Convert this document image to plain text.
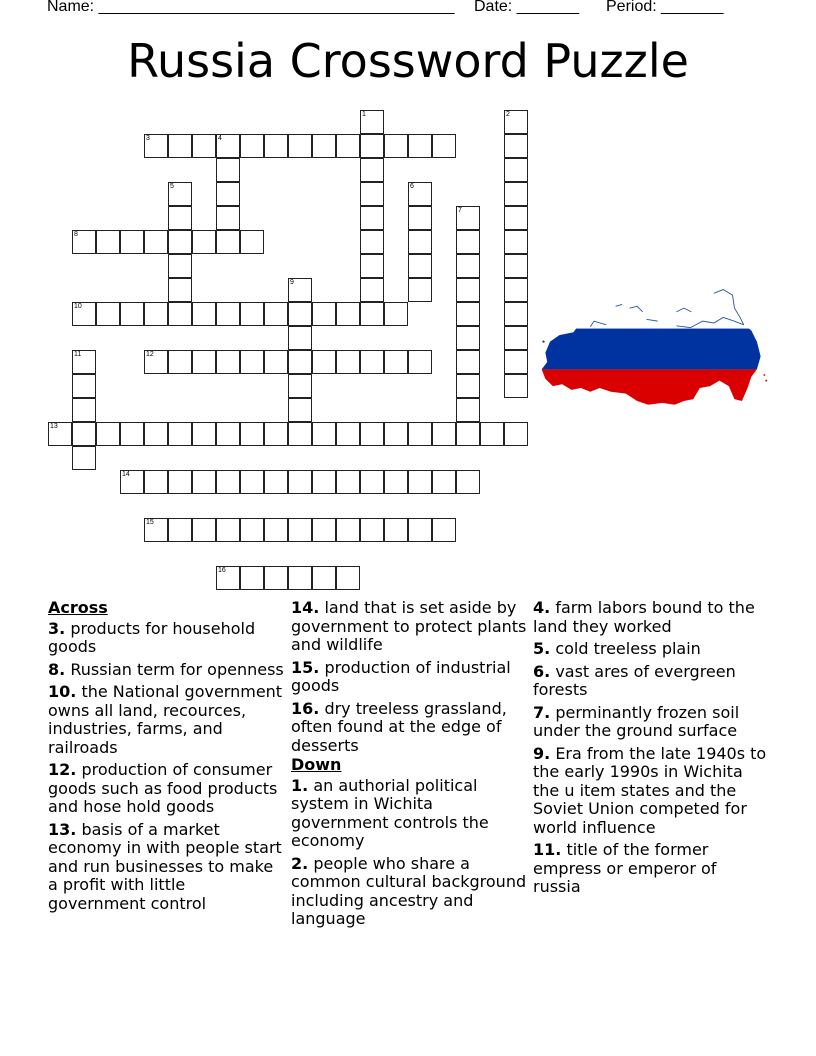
Name: ________________________________________ Date: _______ Period: _______
Russia Crossword Puzzle
1	2
3	4
5	6
7
8
9
10
11	12
13
14
15
16
Across
3. products for household goods
8. Russian term for openness
10. the National government owns all land, recources, industries, farms, and railroads
12. production of consumer goods such as food products and hose hold goods
13. basis of a market economy in with people start and run businesses to make a profit with little government control
14. land that is set aside by government to protect plants and wildlife
15. production of industrial goods
16. dry treeless grassland, often found at the edge of desserts
Down
1. an authorial political system in Wichita government controls the economy
2. people who share a common cultural background including ancestry and language
4. farm labors bound to the land they worked
5. cold treeless plain
6. vast ares of evergreen forests
7. perminantly frozen soil under the ground surface
9. Era from the late 1940s to the early 1990s in Wichita the u item states and the Soviet Union competed for world influence
11. title of the former empress or emperor of russia
